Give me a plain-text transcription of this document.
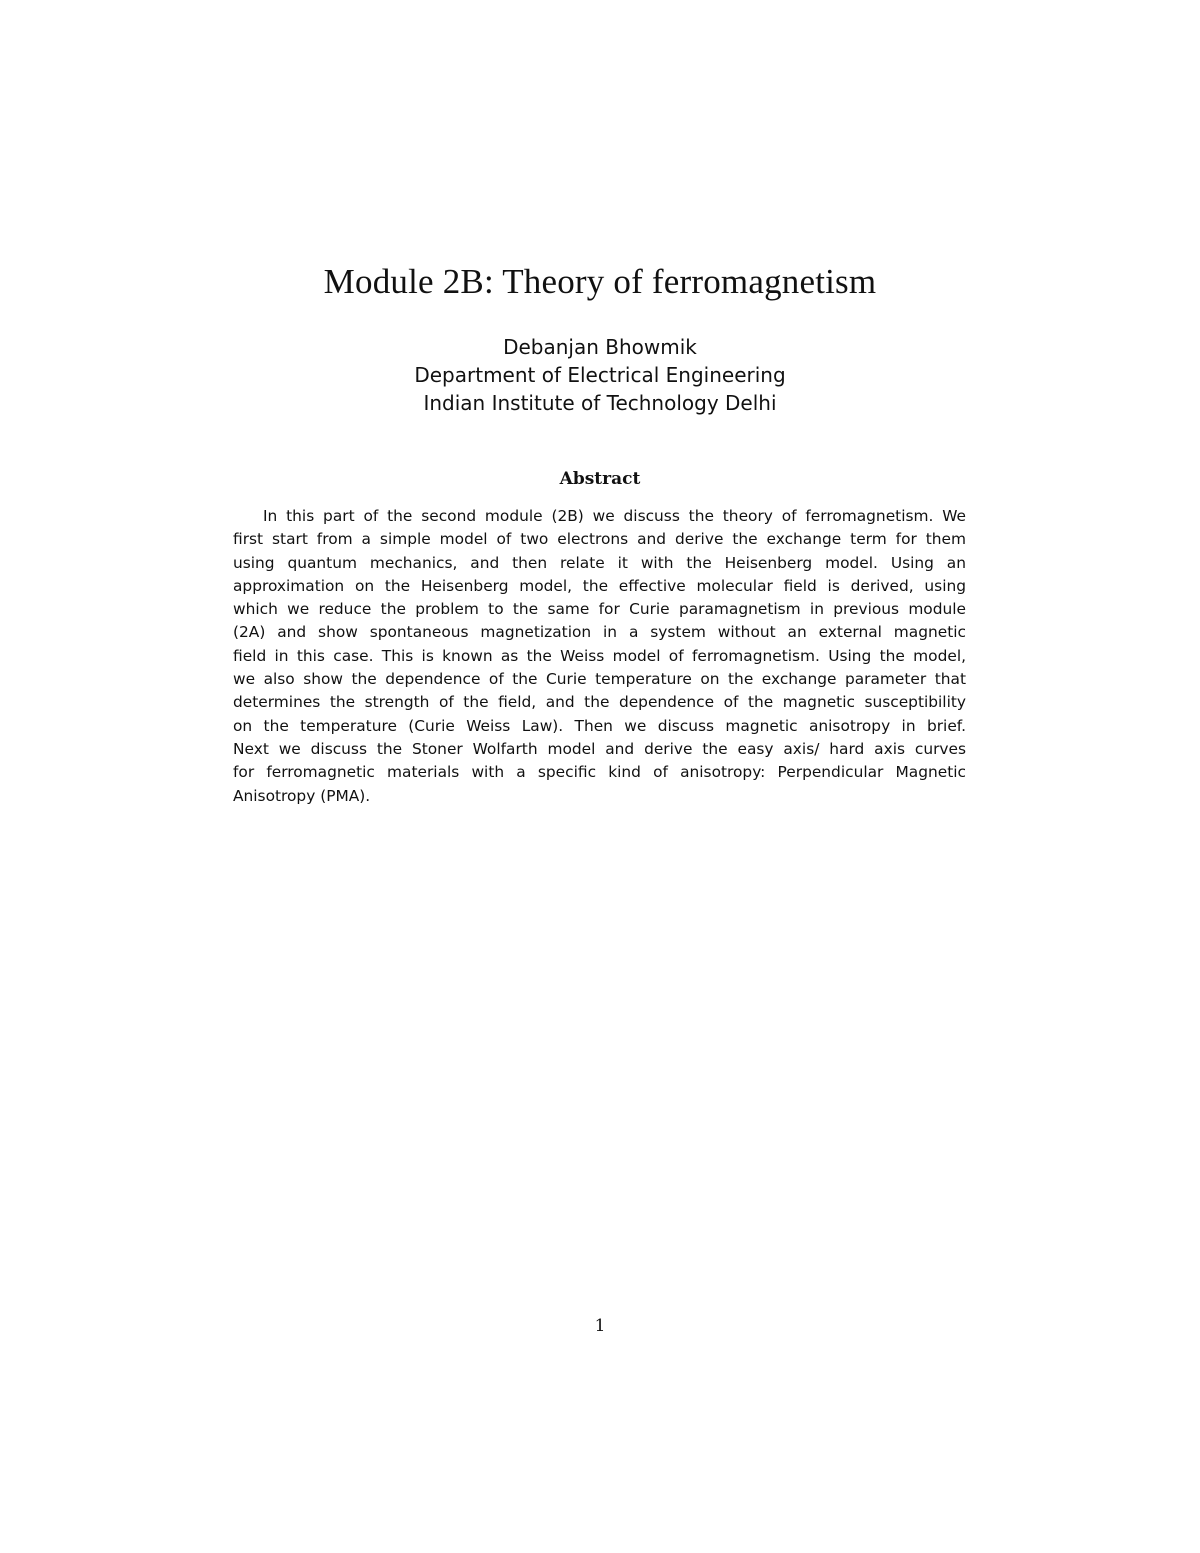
Module 2B: Theory of ferromagnetism
Debanjan Bhowmik
Department of Electrical Engineering
Indian Institute of Technology Delhi
Abstract

In this part of the second module (2B) we discuss the theory of ferromagnetism. We
first start from a simple model of two electrons and derive the exchange term for them
using quantum mechanics, and then relate it with the Heisenberg model. Using an
approximation on the Heisenberg model, the effective molecular field is derived, using
which we reduce the problem to the same for Curie paramagnetism in previous module
(2A) and show spontaneous magnetization in a system without an external magnetic
field in this case. This is known as the Weiss model of ferromagnetism. Using the model,
we also show the dependence of the Curie temperature on the exchange parameter that
determines the strength of the field, and the dependence of the magnetic susceptibility
on the temperature (Curie Weiss Law). Then we discuss magnetic anisotropy in brief.
Next we discuss the Stoner Wolfarth model and derive the easy axis/ hard axis curves
for ferromagnetic materials with a specific kind of anisotropy: Perpendicular Magnetic
Anisotropy (PMA).

1
